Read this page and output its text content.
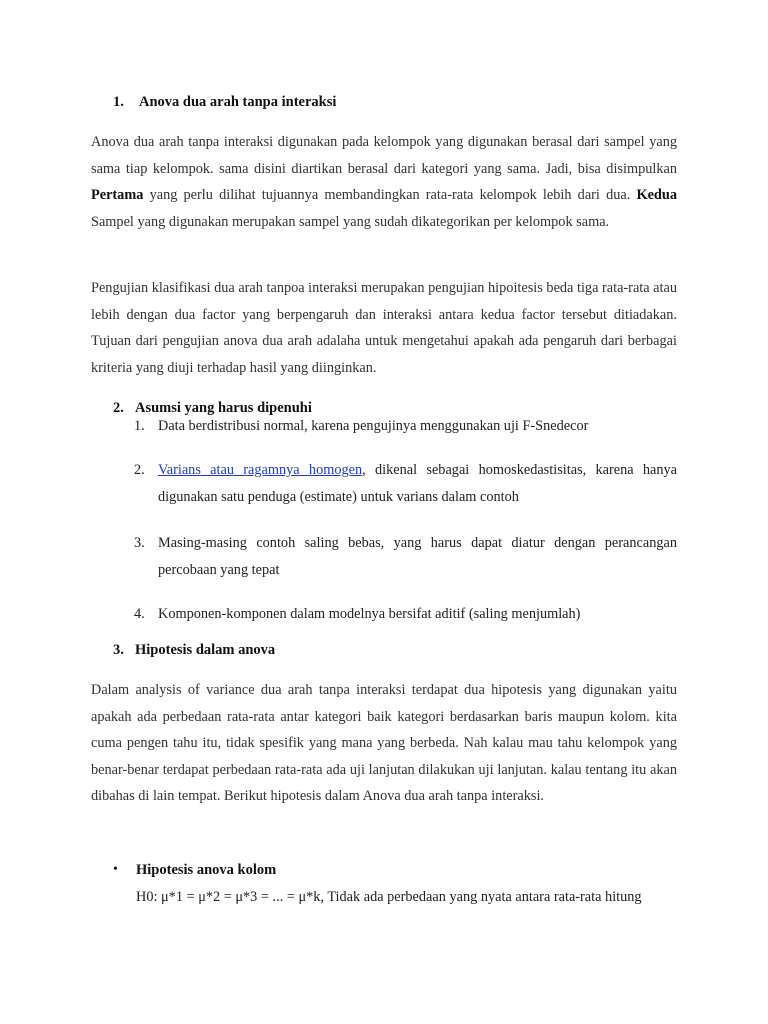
1. Anova dua arah tanpa interaksi

Anova dua arah tanpa interaksi digunakan pada kelompok yang digunakan berasal dari sampel yang sama tiap kelompok. sama disini diartikan berasal dari kategori yang sama. Jadi, bisa disimpulkan Pertama yang perlu dilihat tujuannya membandingkan rata-rata kelompok lebih dari dua. Kedua Sampel yang digunakan merupakan sampel yang sudah dikategorikan per kelompok sama.

Pengujian klasifikasi dua arah tanpoa interaksi merupakan pengujian hipoitesis beda tiga rata-rata atau lebih dengan dua factor yang berpengaruh dan interaksi antara kedua factor tersebut ditiadakan. Tujuan dari pengujian anova dua arah adalaha untuk mengetahui apakah ada pengaruh dari berbagai kriteria yang diuji terhadap hasil yang diinginkan.

2. Asumsi yang harus dipenuhi
1. Data berdistribusi normal, karena pengujinya menggunakan uji F-Snedecor
2. Varians atau ragamnya homogen, dikenal sebagai homoskedastisitas, karena hanya digunakan satu penduga (estimate) untuk varians dalam contoh
3. Masing-masing contoh saling bebas, yang harus dapat diatur dengan perancangan percobaan yang tepat
4. Komponen-komponen dalam modelnya bersifat aditif (saling menjumlah)
3. Hipotesis dalam anova

Dalam analysis of variance dua arah tanpa interaksi terdapat dua hipotesis yang digunakan yaitu apakah ada perbedaan rata-rata antar kategori baik kategori berdasarkan baris maupun kolom. kita cuma pengen tahu itu, tidak spesifik yang mana yang berbeda. Nah kalau mau tahu kelompok yang benar-benar terdapat perbedaan rata-rata ada uji lanjutan dilakukan uji lanjutan. kalau tentang itu akan dibahas di lain tempat. Berikut hipotesis dalam Anova dua arah tanpa interaksi.

• Hipotesis anova kolom

H0: μ*1 = μ*2 = μ*3 = ... = μ*k, Tidak ada perbedaan yang nyata antara rata-rata hitung
